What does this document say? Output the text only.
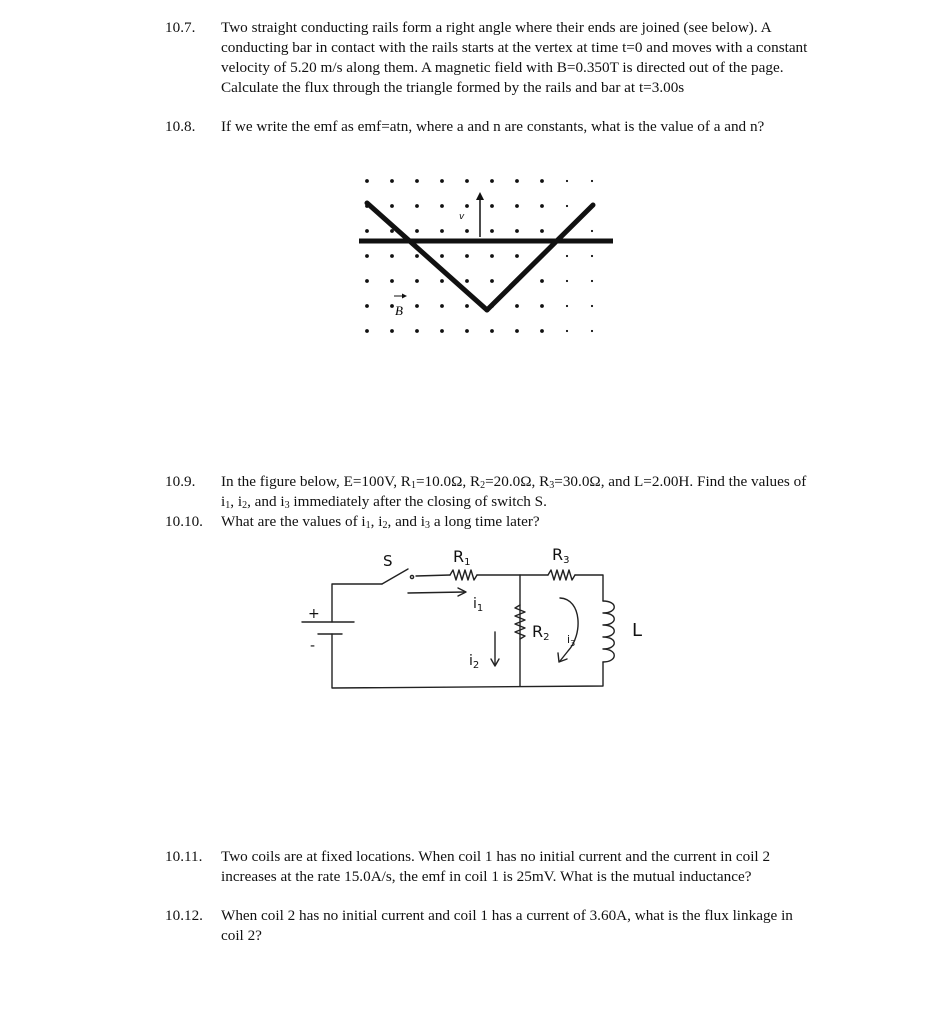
10.7. Two straight conducting rails form a right angle where their ends are joined (see below). A conducting bar in contact with the rails starts at the vertex at time t=0 and moves with a constant velocity of 5.20 m/s along them. A magnetic field with B=0.350T is directed out of the page. Calculate the flux through the triangle formed by the rails and bar at t=3.00s
10.8. If we write the emf as emf=atn, where a and n are constants, what is the value of a and n?
v
B
10.9. In the figure below, E=100V, $R_1=10.0\Omega$, $R_2=20.0\Omega$, $R_3=30.0\Omega$, and L=2.00H. Find the values of $i_1$, $i_2$, and $i_3$ immediately after the closing of switch S.
10.10. What are the values of $i_1$, $i_2$, and $i_3$ a long time later?
+
-
S	R1	R3
R2	L
$i_1$
$i_2$
$i_3$
10.11. Two coils are at fixed locations. When coil 1 has no initial current and the current in coil 2 increases at the rate 15.0A/s, the emf in coil 1 is 25mV. What is the mutual inductance?
10.12. When coil 2 has no initial current and coil 1 has a current of 3.60A, what is the flux linkage in coil 2?
